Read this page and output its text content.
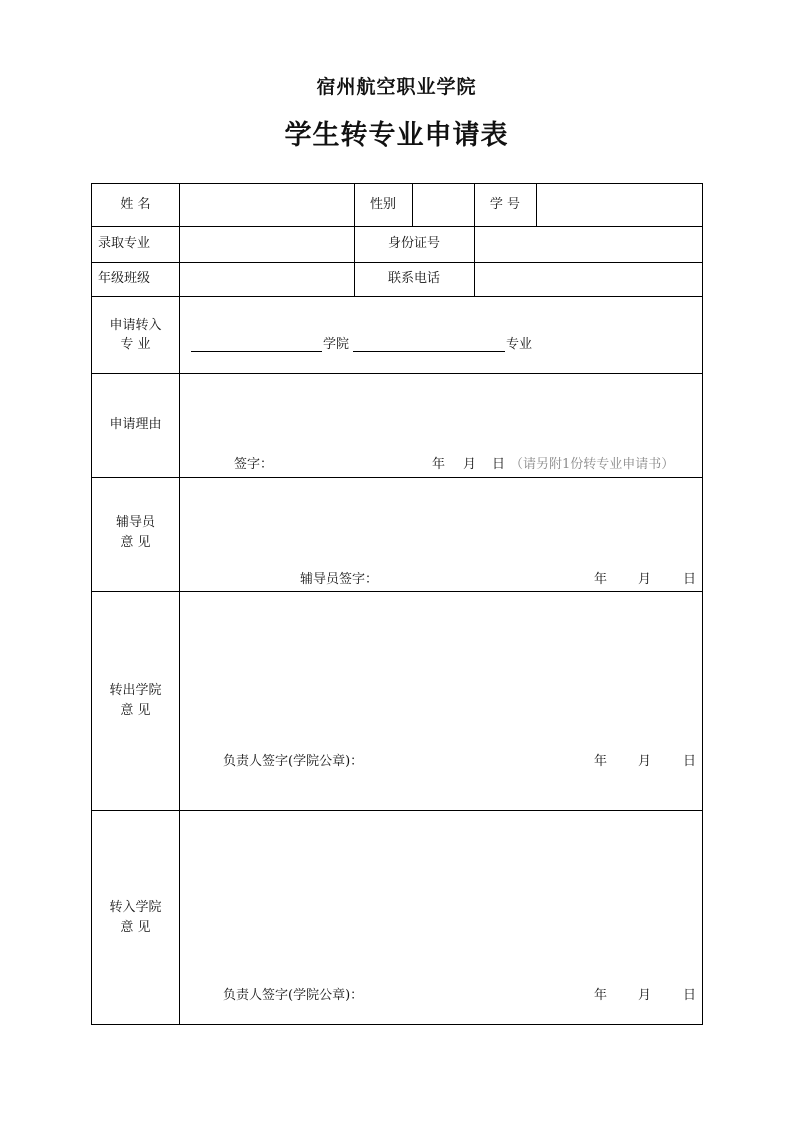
宿州航空职业学院
学生转专业申请表
姓 名	性别	学 号
录取专业	身份证号
年级班级	联系电话
申请转入
专 业	学院	专业
申请理由
签字：	年 月 日 （请另附1份转专业申请书）
辅导员
意 见
辅导员签字：	年 月 日
转出学院
意 见
负责人签字(学院公章)：	年 月 日
转入学院
意 见
负责人签字(学院公章)：	年 月 日
